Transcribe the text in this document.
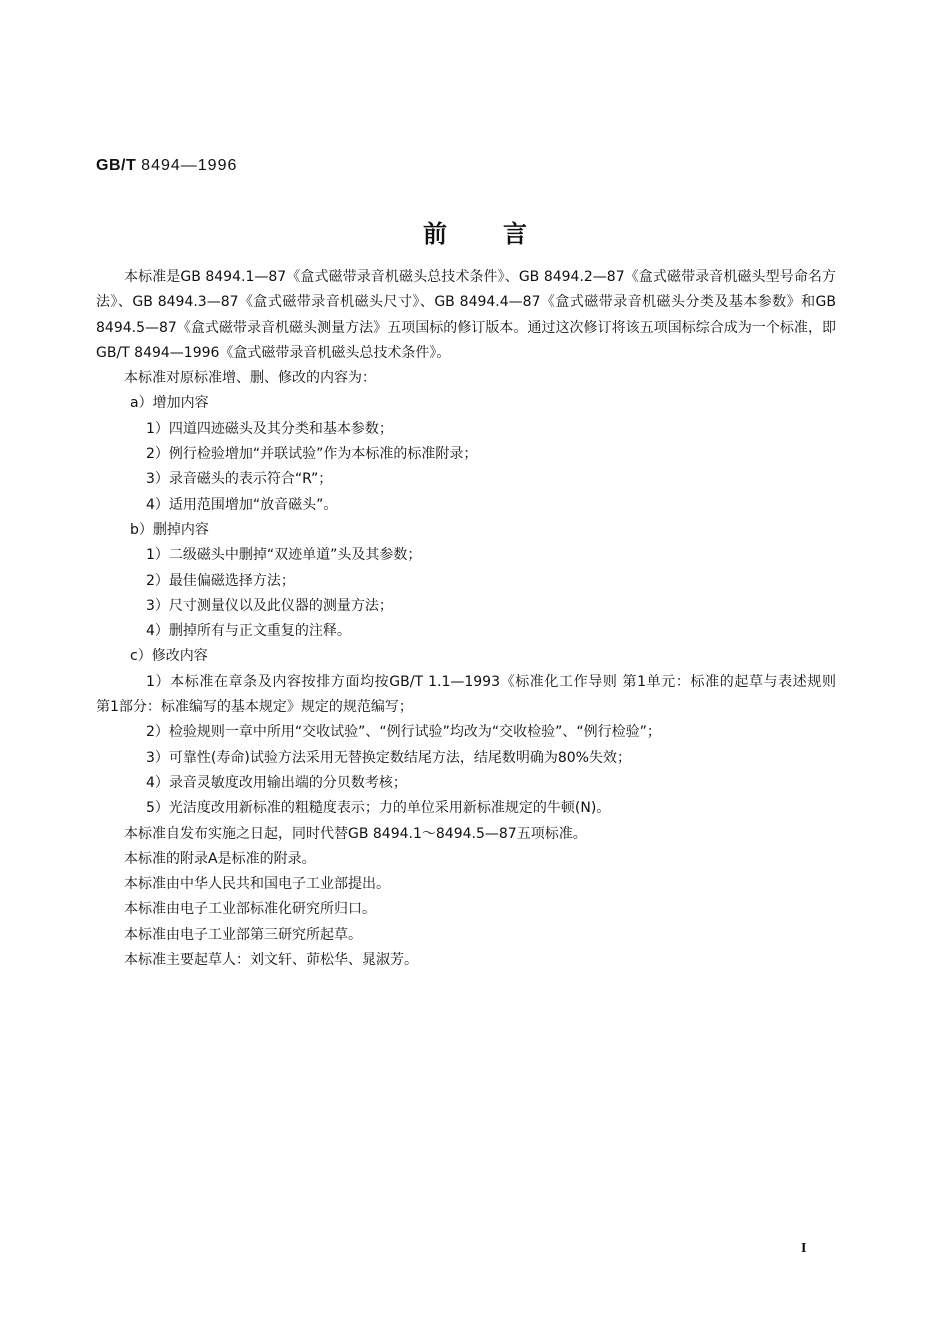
GB/T 8494—1996
前言

本标准是GB 8494.1—87《盒式磁带录音机磁头总技术条件》、GB 8494.2—87《盒式磁带录音机磁头型号命名方法》、GB 8494.3—87《盒式磁带录音机磁头尺寸》、GB 8494.4—87《盒式磁带录音机磁头分类及基本参数》和GB 8494.5—87《盒式磁带录音机磁头测量方法》五项国标的修订版本。通过这次修订将该五项国标综合成为一个标准，即GB/T 8494—1996《盒式磁带录音机磁头总技术条件》。

本标准对原标准增、删、修改的内容为：

a）增加内容

1）四道四迹磁头及其分类和基本参数；

2）例行检验增加“并联试验”作为本标准的标准附录；

3）录音磁头的表示符合“R”；

4）适用范围增加“放音磁头”。

b）删掉内容

1）二级磁头中删掉“双迹单道”头及其参数；

2）最佳偏磁选择方法；

3）尺寸测量仪以及此仪器的测量方法；

4）删掉所有与正文重复的注释。

c）修改内容

1）本标准在章条及内容按排方面均按GB/T 1.1—1993《标准化工作导则 第1单元：标准的起草与表述规则　第1部分：标准编写的基本规定》规定的规范编写；

2）检验规则一章中所用“交收试验”、“例行试验”均改为“交收检验”、“例行检验”；

3）可靠性(寿命)试验方法采用无替换定数结尾方法，结尾数明确为80%失效；

4）录音灵敏度改用输出端的分贝数考核；

5）光洁度改用新标准的粗糙度表示；力的单位采用新标准规定的牛顿(N)。

本标准自发布实施之日起，同时代替GB 8494.1～8494.5—87五项标准。

本标准的附录A是标准的附录。

本标准由中华人民共和国电子工业部提出。

本标准由电子工业部标准化研究所归口。

本标准由电子工业部第三研究所起草。

本标准主要起草人：刘文轩、茆松华、晁淑芳。

I
